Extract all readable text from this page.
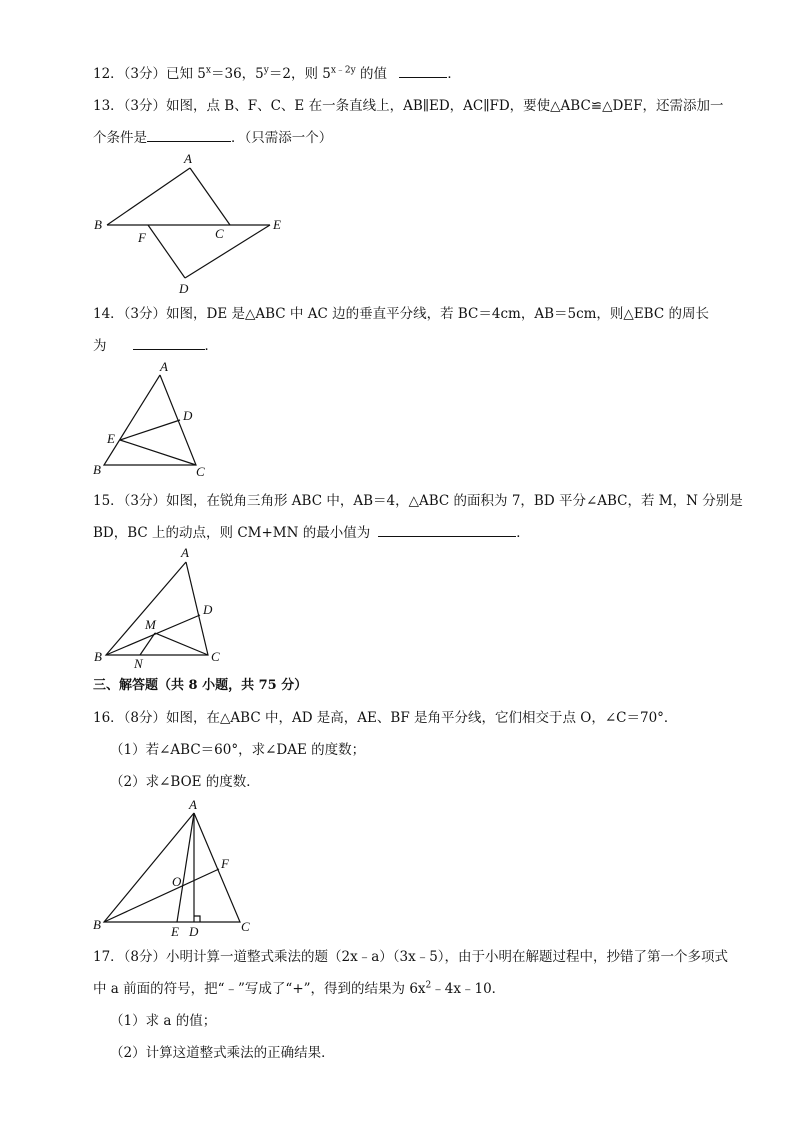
12．（3分）已知 $5^x=36$，$5^y=2$，则 $5^{x﹣2y}$ 的值	．
13．（3分）如图，点 B、F、C、E 在一条直线上，AB∥ED，AC∥FD，要使△ABC≌△DEF，还需添加一
个条件是	．（只需添一个）
A
B
F	C
E
D
14．（3分）如图，DE 是△ABC 中 AC 边的垂直平分线，若 BC＝4cm，AB＝5cm，则△EBC 的周长
为	．
A
D
E
B	C
15．（3分）如图，在锐角三角形 ABC 中，AB＝4，△ABC 的面积为 7，BD 平分∠ABC，若 M，N 分别是
BD，BC 上的动点，则 CM+MN 的最小值为	．
A
D
M
B N	C
三、解答题（共 8 小题，共 75 分）
16．（8分）如图，在△ABC 中，AD 是高，AE、BF 是角平分线，它们相交于点 O，∠C＝70°．
（1）若∠ABC＝60°，求∠DAE 的度数；
（2）求∠BOE 的度数．
A
F
O
B	E D	C
17．（8分）小明计算一道整式乘法的题（2x﹣a）（3x﹣5），由于小明在解题过程中，抄错了第一个多项式
中 a 前面的符号，把“﹣”写成了“+”，得到的结果为 $6x^2﹣4x﹣10$．
（1）求 a 的值；
（2）计算这道整式乘法的正确结果．
